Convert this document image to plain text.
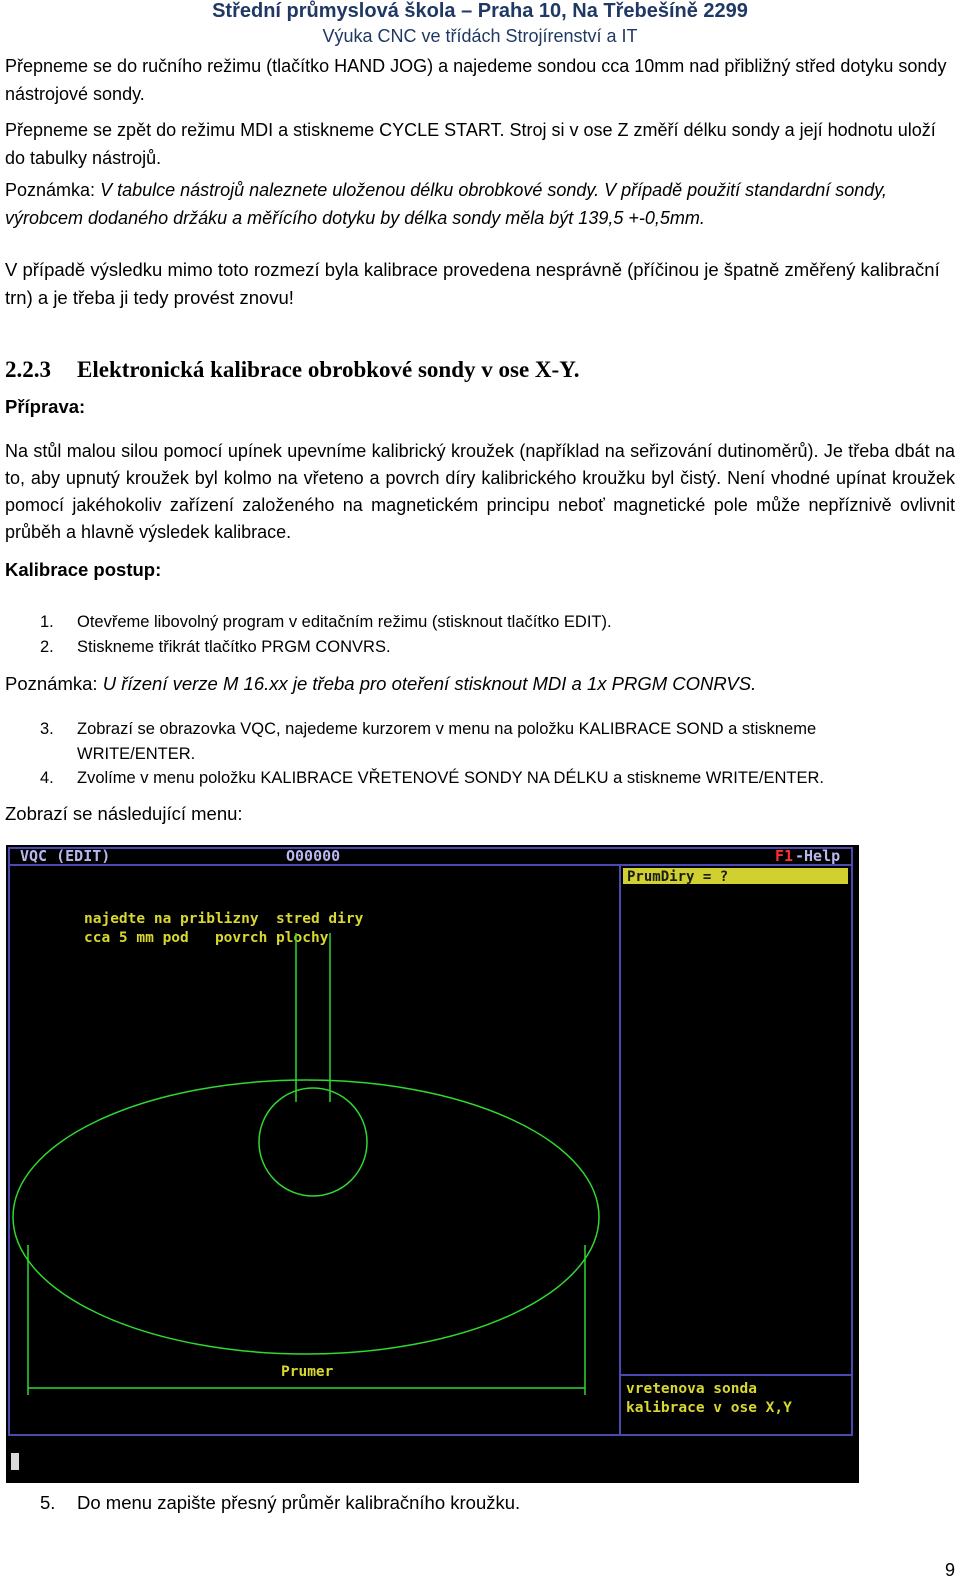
Střední průmyslová škola – Praha 10, Na Třebešíně 2299
Výuka CNC ve třídách Strojírenství a IT
Přepneme se do ručního režimu (tlačítko HAND JOG) a najedeme sondou cca 10mm nad přibližný střed dotyku sondy nástrojové sondy.
Přepneme se zpět do režimu MDI a stiskneme CYCLE START. Stroj si v ose Z změří délku sondy a její hodnotu uloží do tabulky nástrojů.
Poznámka: V tabulce nástrojů naleznete uloženou délku obrobkové sondy. V případě použití standardní sondy, výrobcem dodaného držáku a měřícího dotyku by délka sondy měla být 139,5 +-0,5mm.
V případě výsledku mimo toto rozmezí byla kalibrace provedena nesprávně (příčinou je špatně změřený kalibrační trn) a je třeba ji tedy provést znovu!
2.2.3 Elektronická kalibrace obrobkové sondy v ose X-Y.
Příprava:
Na stůl malou silou pomocí upínek upevníme kalibrický kroužek (například na seřizování dutinoměrů). Je třeba dbát na to, aby upnutý kroužek byl kolmo na vřeteno a povrch díry kalibrického kroužku byl čistý. Není vhodné upínat kroužek pomocí jakéhokoliv zařízení založeného na magnetickém principu neboť magnetické pole může nepříznivě ovlivnit průběh a hlavně výsledek kalibrace.
Kalibrace postup:
1.	Otevřeme libovolný program v editačním režimu (stisknout tlačítko EDIT).
2.	Stiskneme třikrát tlačítko PRGM CONVRS.
Poznámka: U řízení verze M 16.xx je třeba pro oteření stisknout MDI a 1x PRGM CONRVS.
3.	Zobrazí se obrazovka VQC, najedeme kurzorem v menu na položku KALIBRACE SOND a stiskneme WRITE/ENTER.
4.	Zvolíme v menu položku KALIBRACE VŘETENOVÉ SONDY NA DÉLKU a stiskneme WRITE/ENTER.
Zobrazí se následující menu:
VQC (EDIT)	O00000	F1 -Help
PrumDiry = ?
najedte na priblizny  stred diry
cca 5 mm pod   povrch plochy
Prumer
vretenova sonda
kalibrace v ose X,Y
5.	Do menu zapište přesný průměr kalibračního kroužku.
9
